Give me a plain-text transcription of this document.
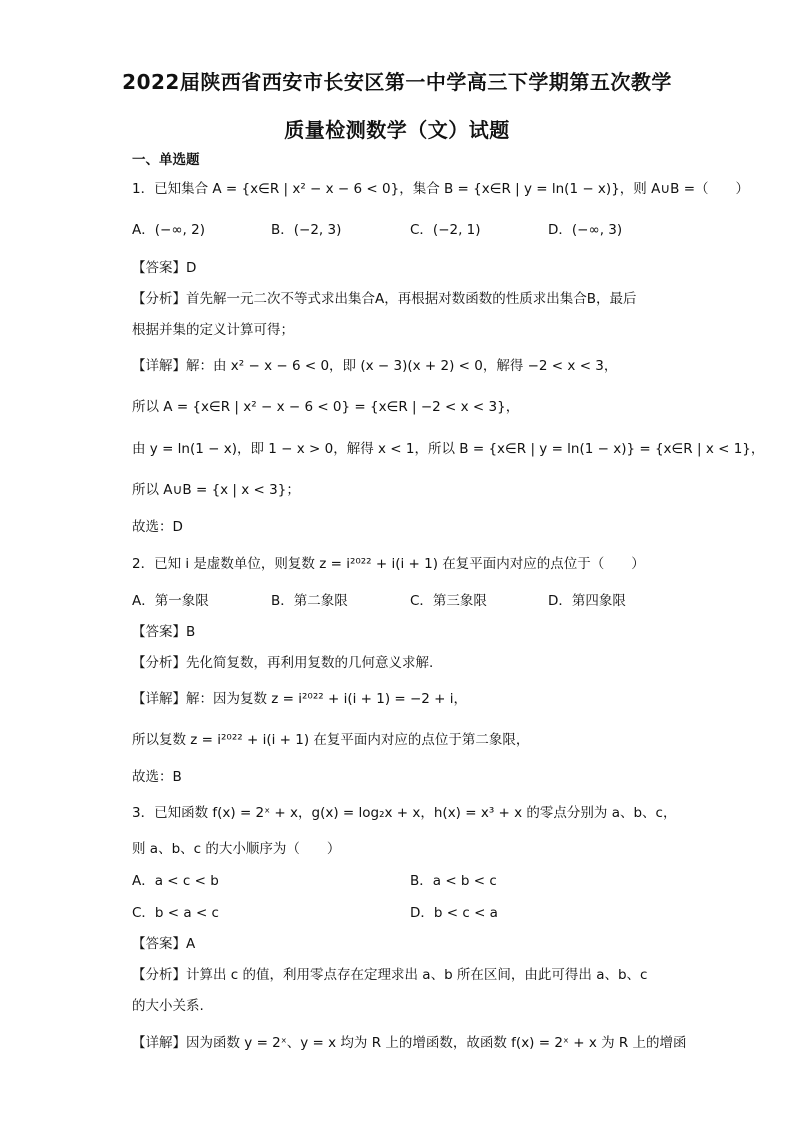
2022届陕西省西安市长安区第一中学高三下学期第五次教学
质量检测数学（文）试题
一、单选题
1．已知集合 A = {x∈R | x² − x − 6 < 0}，集合 B = {x∈R | y = ln(1 − x)}，则 A∪B =（　　）
A．(−∞, 2)	B．(−2, 3)	C．(−2, 1)	D．(−∞, 3)
【答案】D
【分析】首先解一元二次不等式求出集合A，再根据对数函数的性质求出集合B，最后
根据并集的定义计算可得；
【详解】解：由 x² − x − 6 < 0，即 (x − 3)(x + 2) < 0，解得 −2 < x < 3，
所以 A = {x∈R | x² − x − 6 < 0} = {x∈R | −2 < x < 3}，
由 y = ln(1 − x)，即 1 − x > 0，解得 x < 1，所以 B = {x∈R | y = ln(1 − x)} = {x∈R | x < 1}，
所以 A∪B = {x | x < 3}；
故选：D
2．已知 i 是虚数单位，则复数 z = i²⁰²² + i(i + 1) 在复平面内对应的点位于（　　）
A．第一象限	B．第二象限	C．第三象限	D．第四象限
【答案】B
【分析】先化简复数，再利用复数的几何意义求解.
【详解】解：因为复数 z = i²⁰²² + i(i + 1) = −2 + i，
所以复数 z = i²⁰²² + i(i + 1) 在复平面内对应的点位于第二象限，
故选：B
3．已知函数 f(x) = 2ˣ + x，g(x) = log₂x + x，h(x) = x³ + x 的零点分别为 a、b、c，
则 a、b、c 的大小顺序为（　　）
A．a < c < b	B．a < b < c
C．b < a < c	D．b < c < a
【答案】A
【分析】计算出 c 的值，利用零点存在定理求出 a、b 所在区间，由此可得出 a、b、c
的大小关系.
【详解】因为函数 y = 2ˣ、y = x 均为 R 上的增函数，故函数 f(x) = 2ˣ + x 为 R 上的增函
